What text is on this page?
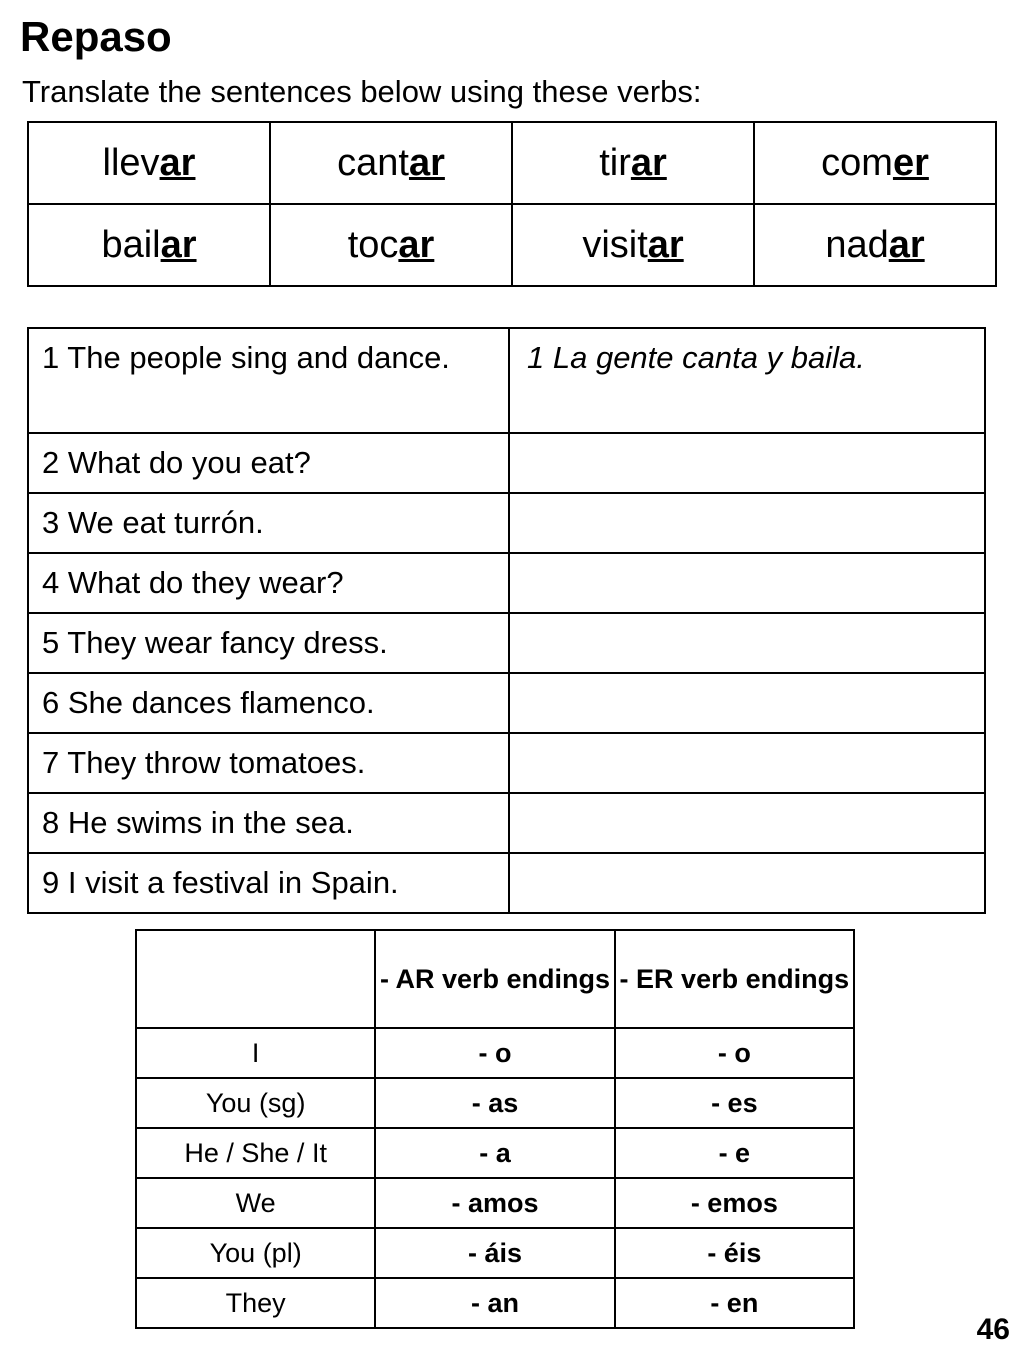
Repaso
Translate the sentences below using these verbs:
llevar	cantar	tirar	comer
bailar	tocar	visitar	nadar
1 The people sing and dance.	1 La gente canta y baila.
2 What do you eat?	
3 We eat turrón.	
4 What do they wear?	
5 They wear fancy dress.	
6 She dances flamenco.	
7 They throw tomatoes.	
8 He swims in the sea.	
9 I visit a festival in Spain.	
	- AR verb endings	- ER verb endings
I	- o	- o
You (sg)	- as	- es
He / She / It	- a	- e
We	- amos	- emos
You (pl)	- áis	- éis
They	- an	- en
46
